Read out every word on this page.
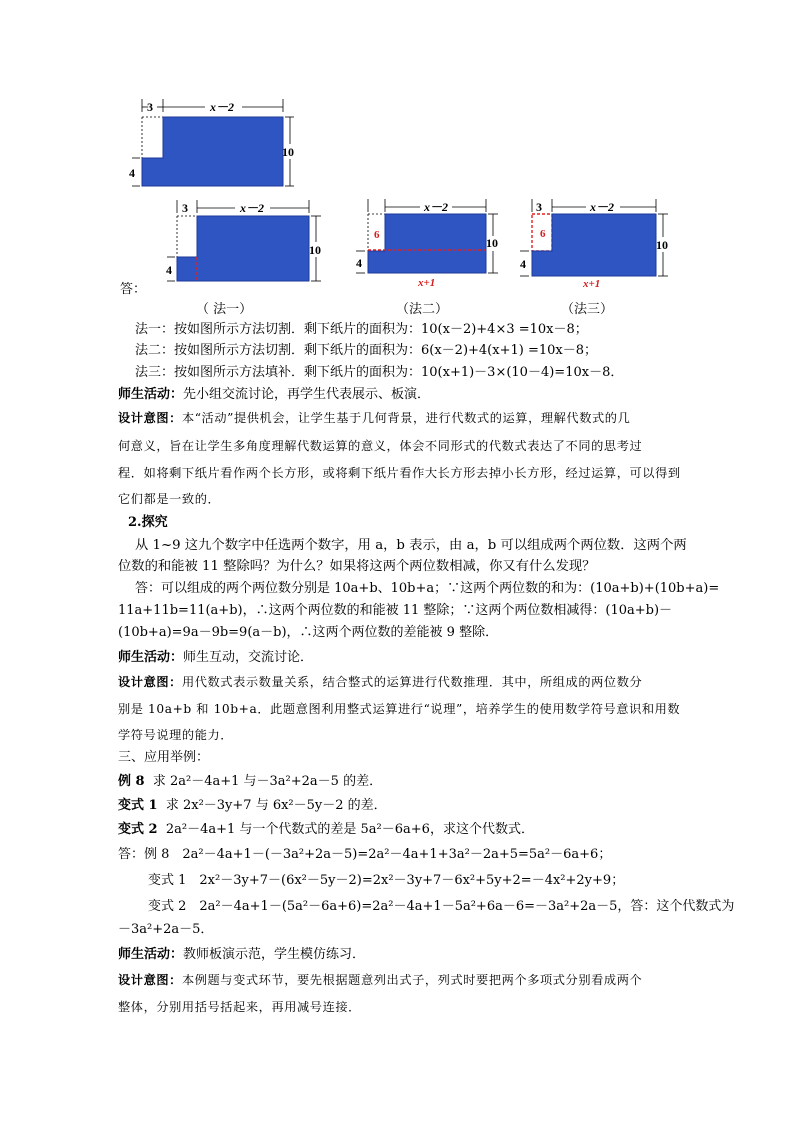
3	x－2
10
4
答：
3	x－2
10
4
x－2
6
x+1
10
4
3	x－2
6
x+1
10
4
（ 法一）	（法二）	（法三）
法一：按如图所示方法切割．剩下纸片的面积为：10(x－2)+4×3 =10x－8；
法二：按如图所示方法切割．剩下纸片的面积为：6(x－2)+4(x+1) =10x－8；
法三：按如图所示方法填补．剩下纸片的面积为：10(x+1)－3×(10－4)=10x－8．
师生活动：先小组交流讨论，再学生代表展示、板演．
设计意图：本“活动”提供机会，让学生基于几何背景，进行代数式的运算，理解代数式的几
何意义，旨在让学生多角度理解代数运算的意义，体会不同形式的代数式表达了不同的思考过
程．如将剩下纸片看作两个长方形，或将剩下纸片看作大长方形去掉小长方形，经过运算，可以得到
它们都是一致的．
2.探究
从 1~9 这九个数字中任选两个数字，用 a，b 表示，由 a，b 可以组成两个两位数．这两个两
位数的和能被 11 整除吗？为什么？如果将这两个两位数相减，你又有什么发现？
答：可以组成的两个两位数分别是 10a+b、10b+a；∵这两个两位数的和为：(10a+b)+(10b+a)=
11a+11b=11(a+b)，∴这两个两位数的和能被 11 整除；∵这两个两位数相减得：(10a+b)－
(10b+a)=9a－9b=9(a－b)，∴这两个两位数的差能被 9 整除．
师生活动：师生互动，交流讨论．
设计意图：用代数式表示数量关系，结合整式的运算进行代数推理．其中，所组成的两位数分
别是 10a+b 和 10b+a．此题意图利用整式运算进行“说理”，培养学生的使用数学符号意识和用数
学符号说理的能力．
三、应用举例：
例 8 求 2a²－4a+1 与－3a²+2a－5 的差．
变式 1 求 2x²－3y+7 与 6x²－5y－2 的差．
变式 2 2a²－4a+1 与一个代数式的差是 5a²－6a+6，求这个代数式．
答：例 8　2a²－4a+1－(－3a²+2a－5)=2a²－4a+1+3a²－2a+5=5a²－6a+6；
变式 1　2x²－3y+7－(6x²－5y－2)=2x²－3y+7－6x²+5y+2=－4x²+2y+9；
变式 2　2a²－4a+1－(5a²－6a+6)=2a²－4a+1－5a²+6a－6=－3a²+2a－5，答：这个代数式为
－3a²+2a－5．
师生活动：教师板演示范，学生模仿练习．
设计意图：本例题与变式环节，要先根据题意列出式子，列式时要把两个多项式分别看成两个
整体，分别用括号括起来，再用减号连接．
